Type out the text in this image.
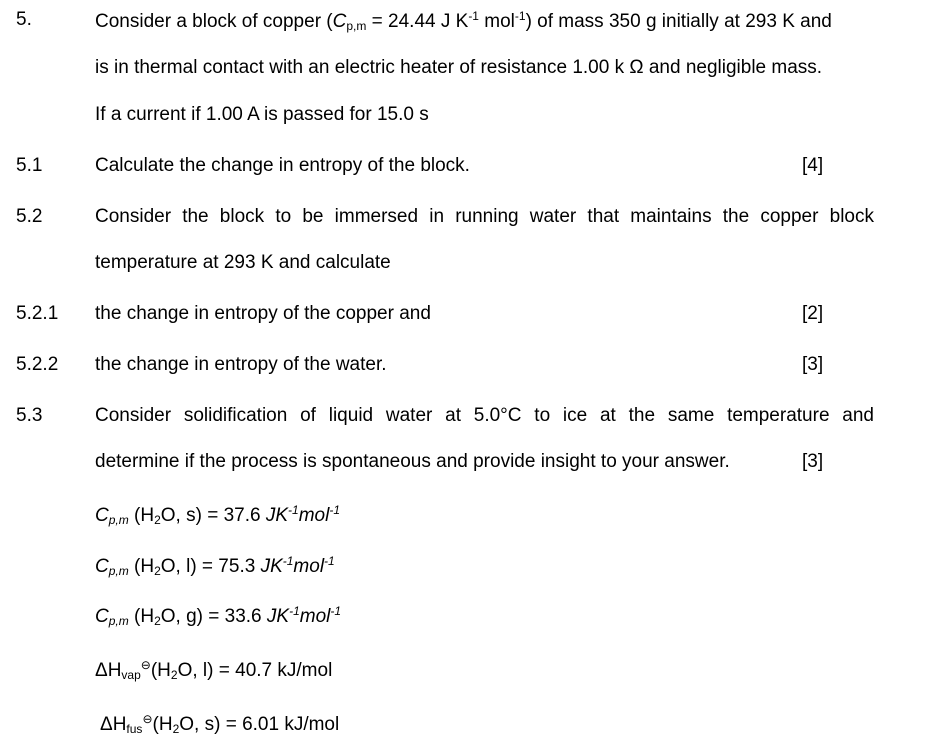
5.	Consider a block of copper ($C_{p,m} = 24.44$ J $K^{-1}$ mol$^{-1}$) of mass 350 g initially at 293 K and
is in thermal contact with an electric heater of resistance 1.00 k Ω and negligible mass.
If a current if 1.00 A is passed for 15.0 s
5.1	Calculate the change in entropy of the block.	[4]
5.2	Consider the block to be immersed in running water that maintains the copper block
temperature at 293 K and calculate
5.2.1 the change in entropy of the copper and	[2]
5.2.2 the change in entropy of the water.	[3]
5.3	Consider solidification of liquid water at 5.0°C to ice at the same temperature and
determine if the process is spontaneous and provide insight to your answer.	[3]
$C_{p,m}$ ($H_2O$, s) = 37.6 $JK^{-1}mol^{-1}$
$C_{p,m}$ ($H_2O$, l) = 75.3 $JK^{-1}mol^{-1}$
$C_{p,m}$ ($H_2O$, g) = 33.6 $JK^{-1}mol^{-1}$
$\Delta H_{vap}^⊖(H_2O$, l) = 40.7 kJ/mol
$\Delta H_{fus}^⊖(H_2O$, s) = 6.01 kJ/mol
